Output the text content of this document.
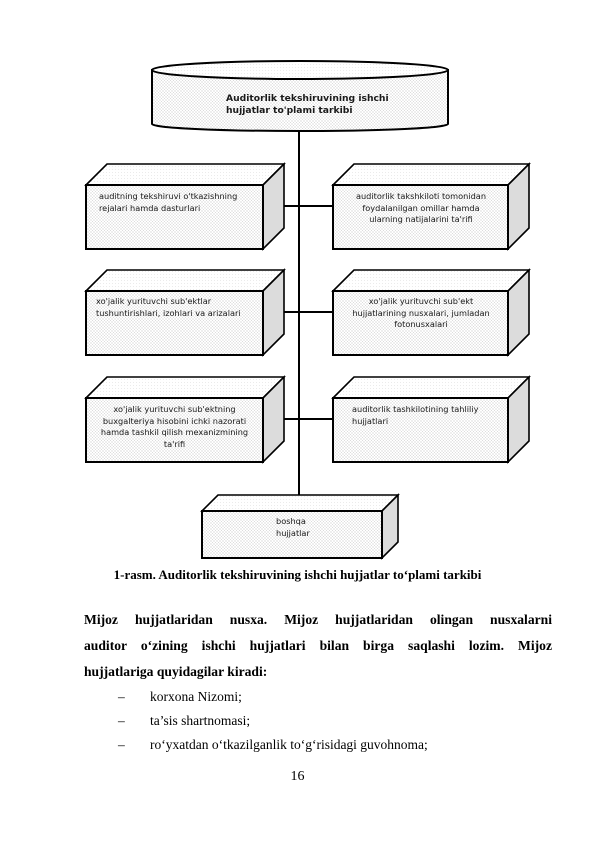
Auditorlik tekshiruvining ishchi
hujjatlar to'plami tarkibi
auditning tekshiruvi o'tkazishning
rejalari hamda dasturlari
auditorlik takshkiloti tomonidan
foydalanilgan omillar hamda
ularning natijalarini ta'rifi
xo'jalik yurituvchi sub'ektlar
tushuntirishlari, izohlari va arizalari
xo'jalik yurituvchi sub'ekt
hujjatlarining nusxalari, jumladan
fotonusxalari
xo'jalik yurituvchi sub'ektning
buxgalteriya hisobini ichki nazorati
hamda tashkil qilish mexanizmining
ta'rifi
auditorlik tashkilotining tahliliy
hujjatlari
boshqa
hujjatlar
1-rasm. Auditorlik tekshiruvining ishchi hujjatlar to‘plami tarkibi
Mijoz hujjatlaridan nusxa. Mijoz hujjatlaridan olingan nusxalarni
auditor o‘zining ishchi hujjatlari bilan birga saqlashi lozim. Mijoz
hujjatlariga quyidagilar kiradi:
– korxona Nizomi;
– ta’sis shartnomasi;
– ro‘yxatdan o‘tkazilganlik to‘g‘risidagi guvohnoma;
16
